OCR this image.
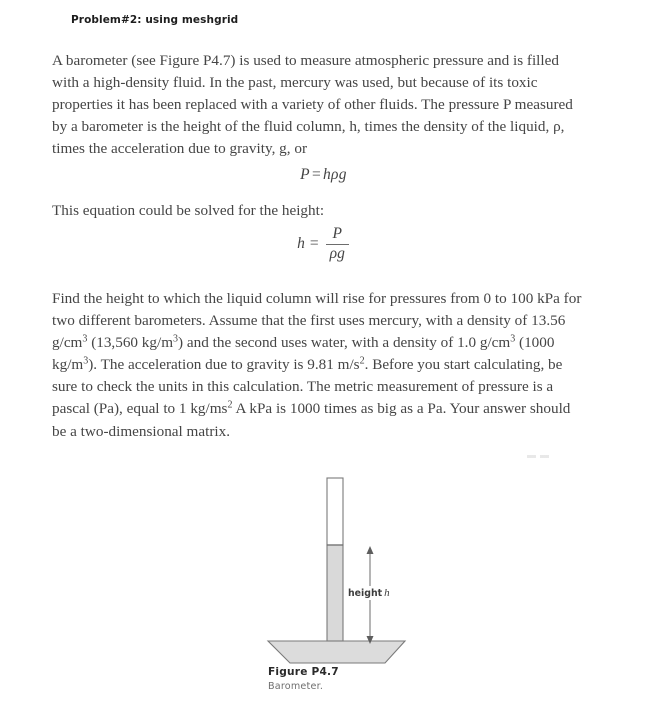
Problem#2: using meshgrid
A barometer (see Figure P4.7) is used to measure atmospheric pressure and is filled with a high-density fluid. In the past, mercury was used, but because of its toxic properties it has been replaced with a variety of other fluids. The pressure P measured by a barometer is the height of the fluid column, h, times the density of the liquid, ρ, times the acceleration due to gravity, g, or
P = hρg
This equation could be solved for the height:
$h = \frac{P}{\rho g}$
Find the height to which the liquid column will rise for pressures from 0 to 100 kPa for two different barometers. Assume that the first uses mercury, with a density of 13.56 $g/cm^3$ (13,560 $kg/m^3$) and the second uses water, with a density of 1.0 $g/cm^3$ (1000 $kg/m^3$). The acceleration due to gravity is 9.81 $m/s^2$. Before you start calculating, be sure to check the units in this calculation. The metric measurement of pressure is a pascal (Pa), equal to 1 $kg/ms^2$ A kPa is 1000 times as big as a Pa. Your answer should be a two-dimensional matrix.
height h
Figure P4.7
Barometer.
